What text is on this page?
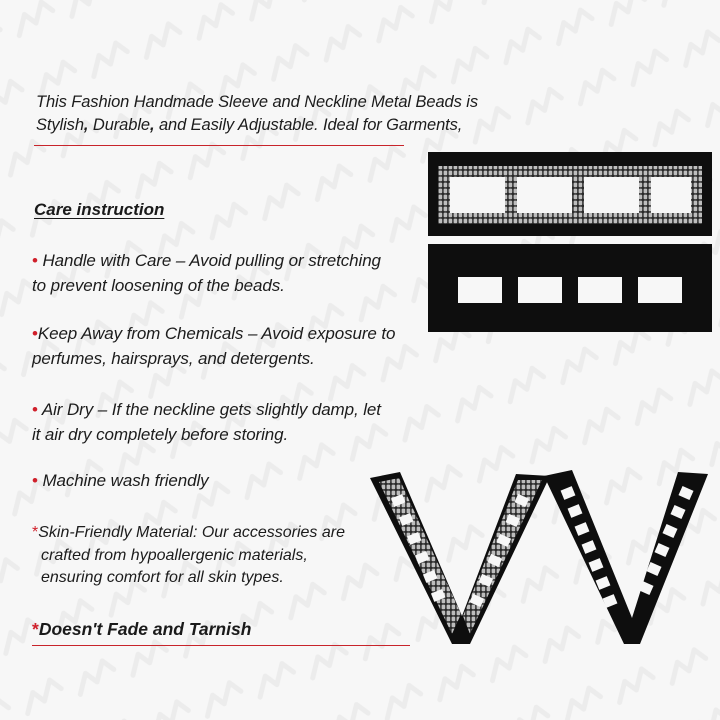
This Fashion Handmade Sleeve and Neckline Metal Beads is
Stylish, Durable, and Easily Adjustable. Ideal for Garments,
Care instruction
• Handle with Care – Avoid pulling or stretching
to prevent loosening of the beads.
•Keep Away from Chemicals – Avoid exposure to
perfumes, hairsprays, and detergents.
• Air Dry – If the neckline gets slightly damp, let
it air dry completely before storing.
• Machine wash friendly
*Skin-Friendly Material: Our accessories are
crafted from hypoallergenic materials,
ensuring comfort for all skin types.
*Doesn't Fade and Tarnish
